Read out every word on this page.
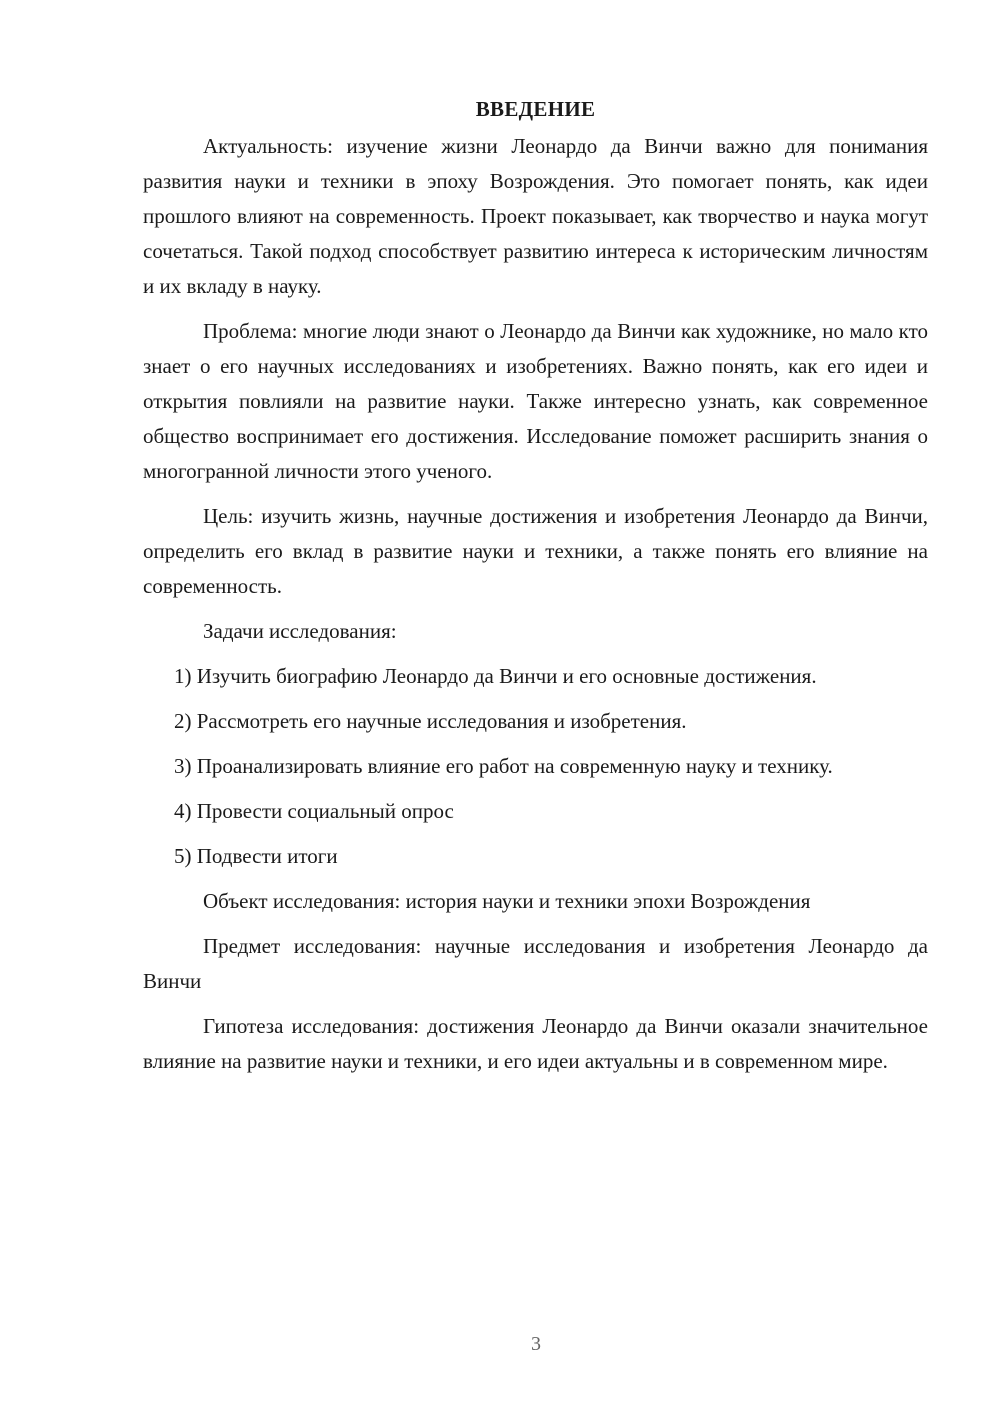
ВВЕДЕНИЕ

Актуальность: изучение жизни Леонардо да Винчи важно для понимания развития науки и техники в эпоху Возрождения. Это помогает понять, как идеи прошлого влияют на современность. Проект показывает, как творчество и наука могут сочетаться. Такой подход способствует развитию интереса к историческим личностям и их вкладу в науку.

Проблема: многие люди знают о Леонардо да Винчи как художнике, но мало кто знает о его научных исследованиях и изобретениях. Важно понять, как его идеи и открытия повлияли на развитие науки. Также интересно узнать, как современное общество воспринимает его достижения. Исследование поможет расширить знания о многогранной личности этого ученого.

Цель: изучить жизнь, научные достижения и изобретения Леонардо да Винчи, определить его вклад в развитие науки и техники, а также понять его влияние на современность.

Задачи исследования:

1) Изучить биографию Леонардо да Винчи и его основные достижения.

2) Рассмотреть его научные исследования и изобретения.

3) Проанализировать влияние его работ на современную науку и технику.

4) Провести социальный опрос

5) Подвести итоги

Объект исследования: история науки и техники эпохи Возрождения

Предмет исследования: научные исследования и изобретения Леонардо да Винчи

Гипотеза исследования: достижения Леонардо да Винчи оказали значительное влияние на развитие науки и техники, и его идеи актуальны и в современном мире.

3
